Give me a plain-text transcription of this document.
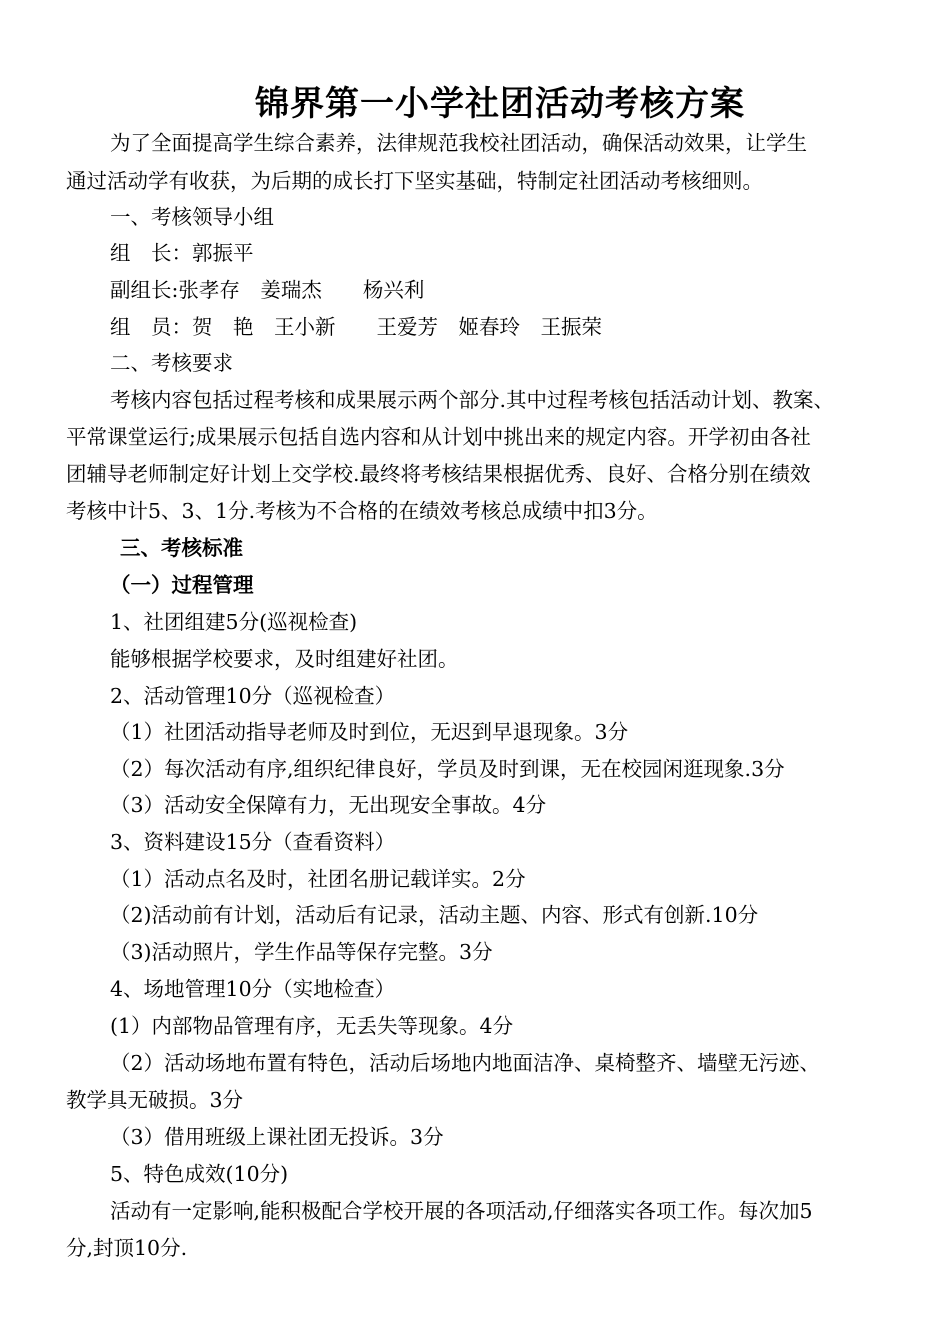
锦界第一小学社团活动考核方案
为了全面提高学生综合素养，法律规范我校社团活动，确保活动效果，让学生
通过活动学有收获，为后期的成长打下坚实基础，特制定社团活动考核细则。
一、考核领导小组
组　长：郭振平
副组长:张孝存　姜瑞杰　　杨兴利
组　员：贺　艳　王小新　　王爱芳　姬春玲　王振荣
二、考核要求
考核内容包括过程考核和成果展示两个部分.其中过程考核包括活动计划、教案、
平常课堂运行;成果展示包括自选内容和从计划中挑出来的规定内容。开学初由各社
团辅导老师制定好计划上交学校.最终将考核结果根据优秀、良好、合格分别在绩效
考核中计5、3、1分.考核为不合格的在绩效考核总成绩中扣3分。
三、考核标准
（一）过程管理
1、社团组建5分(巡视检查)
能够根据学校要求，及时组建好社团。
2、活动管理10分（巡视检查）
（1）社团活动指导老师及时到位，无迟到早退现象。3分
（2）每次活动有序,组织纪律良好，学员及时到课，无在校园闲逛现象.3分
（3）活动安全保障有力，无出现安全事故。4分
3、资料建设15分（查看资料）
（1）活动点名及时，社团名册记载详实。2分
（2)活动前有计划，活动后有记录，活动主题、内容、形式有创新.10分
（3)活动照片，学生作品等保存完整。3分
4、场地管理10分（实地检查）
(1）内部物品管理有序，无丢失等现象。4分
（2）活动场地布置有特色，活动后场地内地面洁净、桌椅整齐、墙壁无污迹、
教学具无破损。3分
（3）借用班级上课社团无投诉。3分
5、特色成效(10分)
活动有一定影响,能积极配合学校开展的各项活动,仔细落实各项工作。每次加5
分,封顶10分.
